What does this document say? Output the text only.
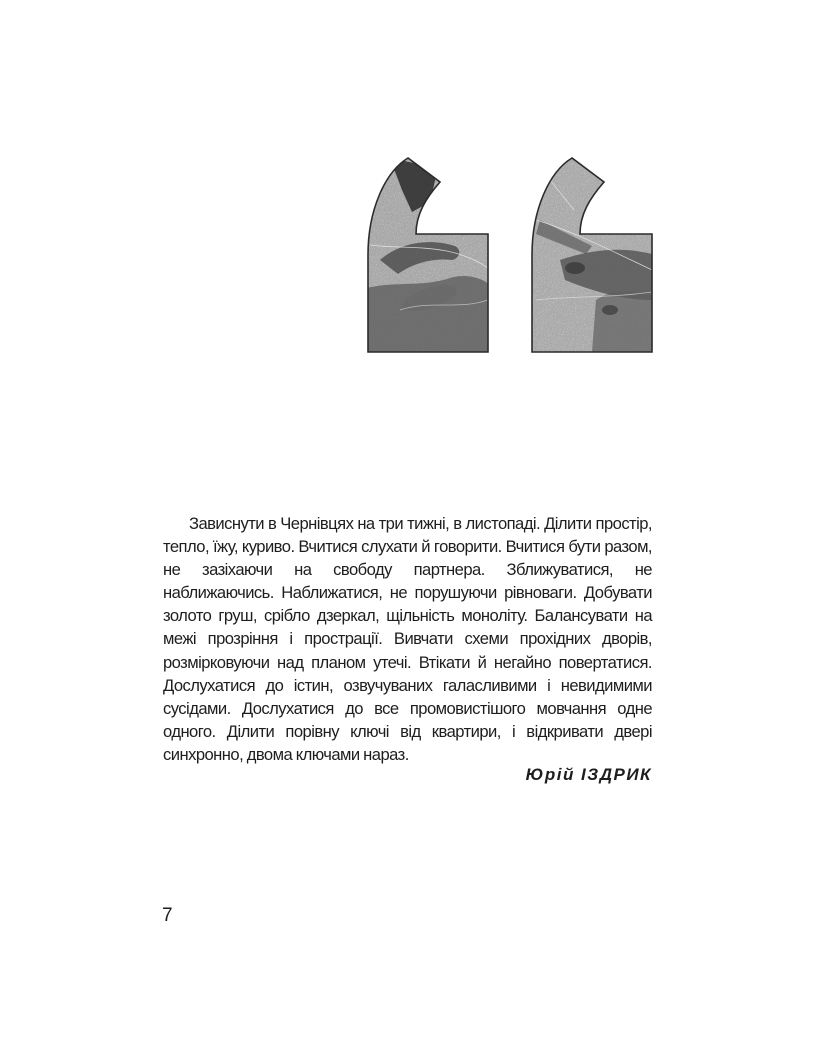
Зависнути в Чернівцях на три тижні, в листопаді. Ділити простір, тепло, їжу, куриво. Вчитися слухати й говорити. Вчитися бути разом, не зазіхаючи на свободу партнера. Зближуватися, не наближаючись. Наближатися, не порушуючи рівноваги. Добувати золото груш, срібло дзеркал, щільність моноліту. Балансувати на межі прозріння і прострації. Вивчати схеми прохідних дворів, розмірковуючи над планом утечі. Втікати й негайно повертатися. Дослухатися до істин, озвучуваних галасливими і невидимими сусідами. Дослухатися до все промовистішого мовчання одне одного. Ділити порівну ключі від квартири, і відкривати двері синхронно, двома ключами нараз.

Юрій ІЗДРИК
7
